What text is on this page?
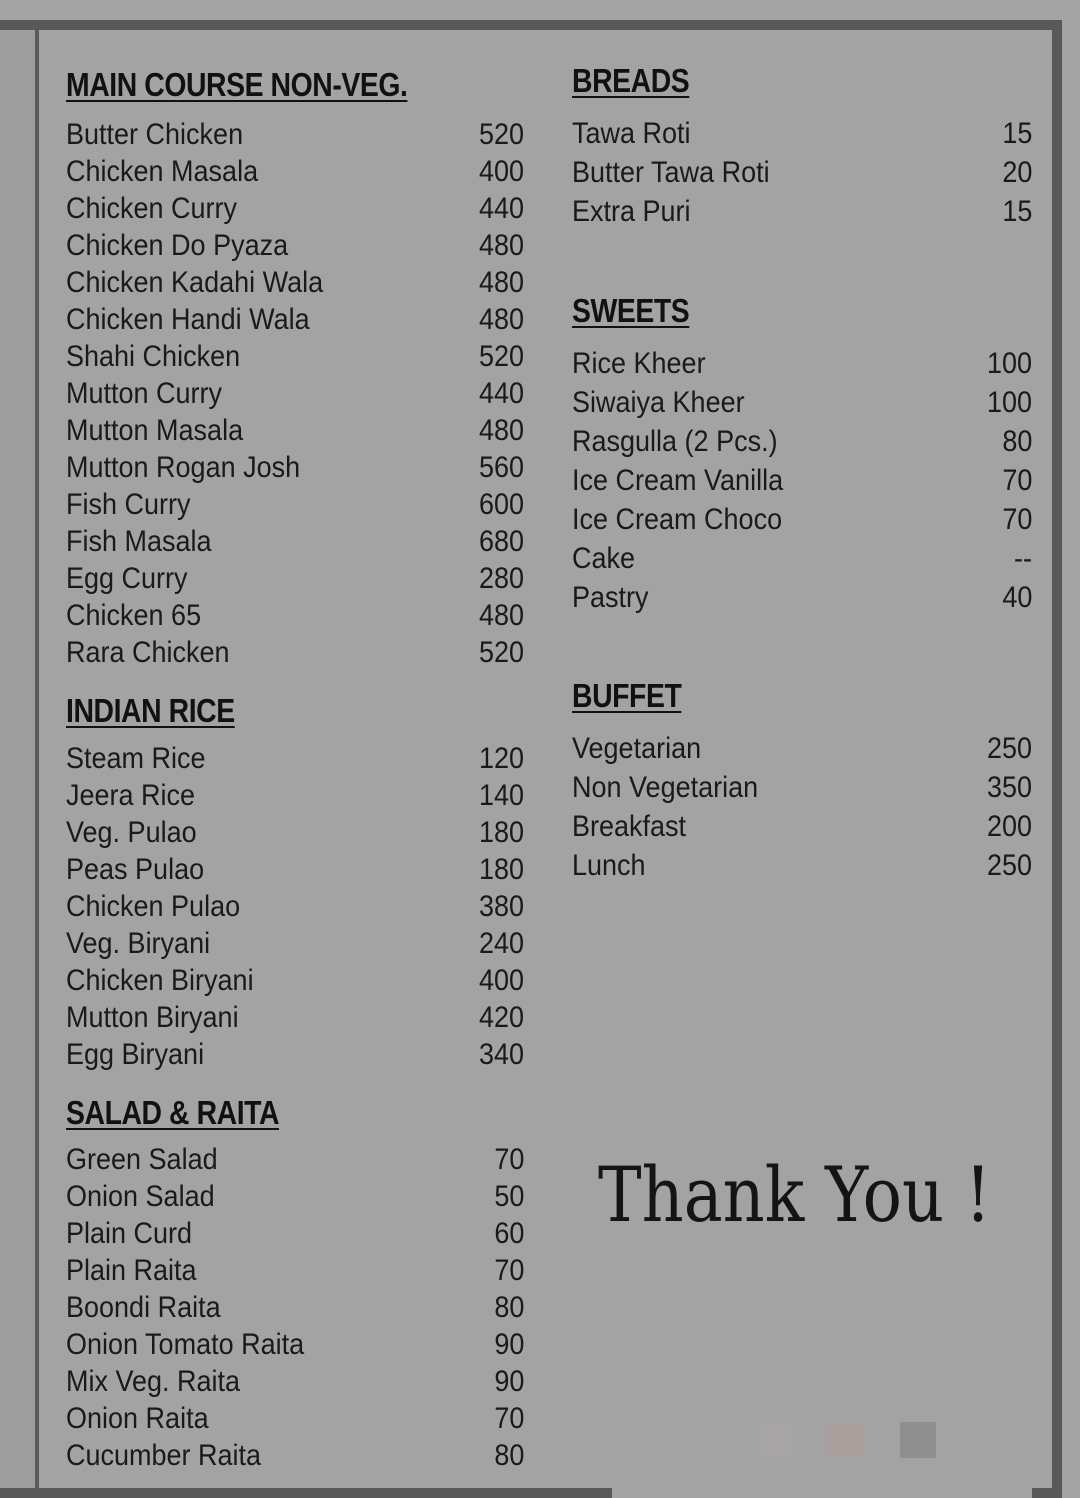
MAIN COURSE NON-VEG.
Butter Chicken	520
Chicken Masala	400
Chicken Curry	440
Chicken Do Pyaza	480
Chicken Kadahi Wala	480
Chicken Handi Wala	480
Shahi Chicken	520
Mutton Curry	440
Mutton Masala	480
Mutton Rogan Josh	560
Fish Curry	600
Fish Masala	680
Egg Curry	280
Chicken 65	480
Rara Chicken	520
INDIAN RICE
Steam Rice	120
Jeera Rice	140
Veg. Pulao	180
Peas Pulao	180
Chicken Pulao	380
Veg. Biryani	240
Chicken Biryani	400
Mutton Biryani	420
Egg Biryani	340
SALAD & RAITA
Green Salad	70
Onion Salad	50
Plain Curd	60
Plain Raita	70
Boondi Raita	80
Onion Tomato Raita	90
Mix Veg. Raita	90
Onion Raita	70
Cucumber Raita	80
BREADS
Tawa Roti	15
Butter Tawa Roti	20
Extra Puri	15
SWEETS
Rice Kheer	100
Siwaiya Kheer	100
Rasgulla (2 Pcs.)	80
Ice Cream Vanilla	70
Ice Cream Choco	70
Cake	--
Pastry	40
BUFFET
Vegetarian	250
Non Vegetarian	350
Breakfast	200
Lunch	250
Thank You !
